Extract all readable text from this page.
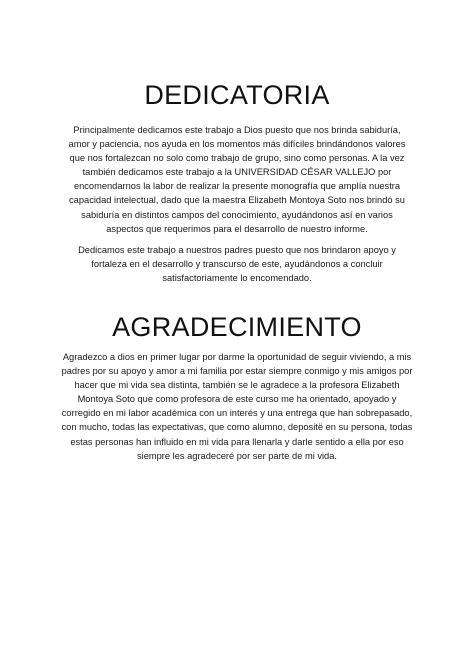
DEDICATORIA

Principalmente dedicamos este trabajo a Dios puesto que nos brinda sabiduría, amor y paciencia, nos ayuda en los momentos más difíciles brindándonos valores que nos fortalezcan no solo como trabajo de grupo, sino como personas. A la vez también dedicamos este trabajo a la UNIVERSIDAD CÉSAR VALLEJO por encomendarnos la labor de realizar la presente monografía que amplía nuestra capacidad intelectual, dado que la maestra Elizabeth Montoya Soto nos brindó su sabiduría en distintos campos del conocimiento, ayudándonos así en varios aspectos que requerimos para el desarrollo de nuestro informe.

Dedicamos este trabajo a nuestros padres puesto que nos brindaron apoyo y fortaleza en el desarrollo y transcurso de este, ayudándonos a concluir satisfactoriamente lo encomendado.

AGRADECIMIENTO

Agradezco a dios en primer lugar por darme la oportunidad de seguir viviendo, a mis padres por su apoyo y amor a mi familia por estar siempre conmigo y mis amigos por hacer que mi vida sea distinta, también se le agradece a la profesora Elizabeth Montoya Soto que como profesora de este curso me ha orientado, apoyado y corregido en mi labor académica con un interés y una entrega que han sobrepasado, con mucho, todas las expectativas, que como alumno, depositë en su persona, todas estas personas han influido en mi vida para llenarla y darle sentido a ella por eso siempre les agradeceré por ser parte de mi vida.
